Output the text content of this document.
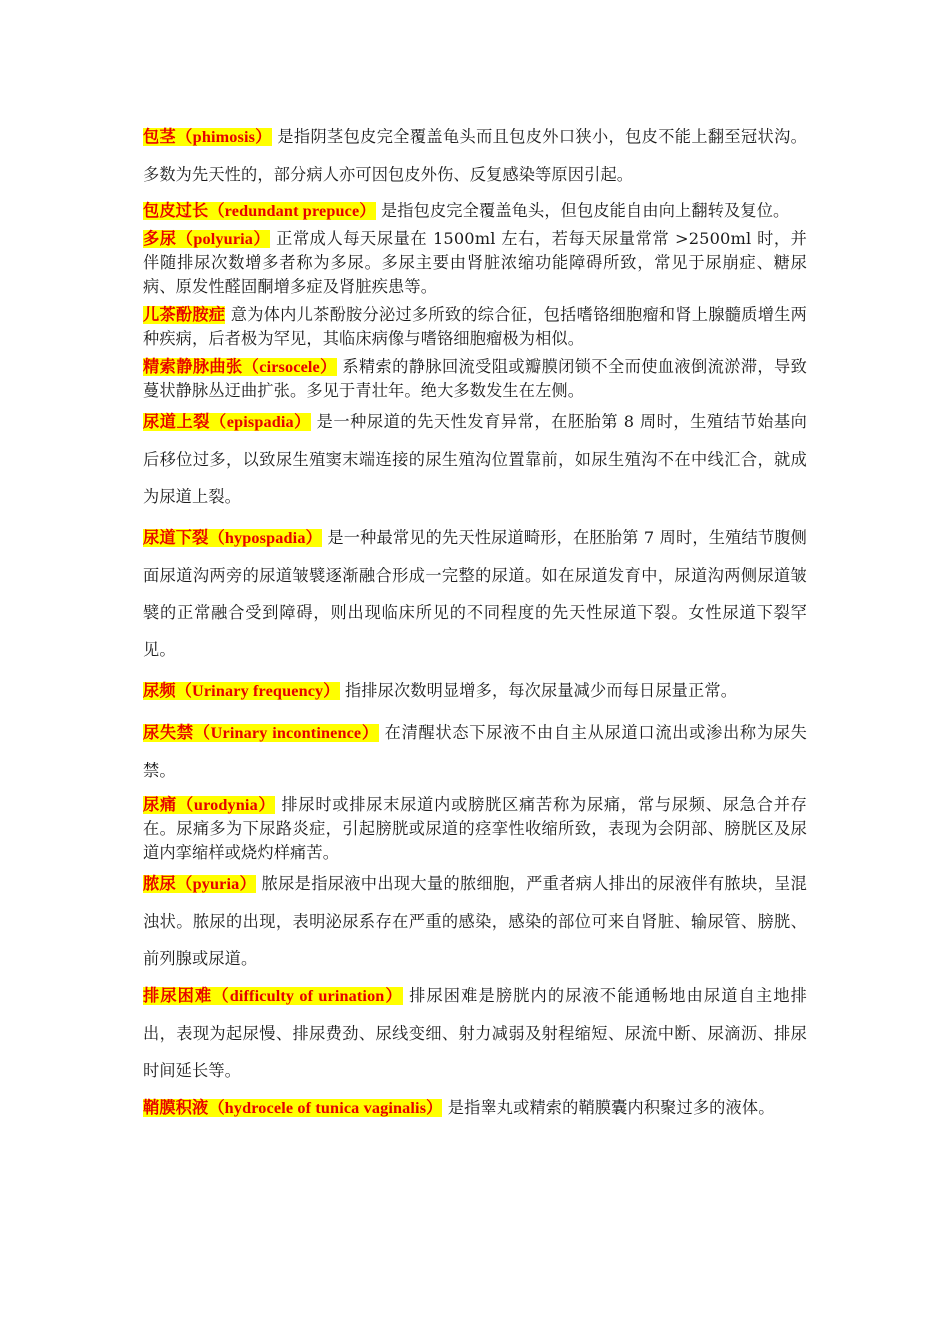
包茎（phimosis） 是指阴茎包皮完全覆盖龟头而且包皮外口狭小，包皮不能上翻至冠状沟。多数为先天性的，部分病人亦可因包皮外伤、反复感染等原因引起。

包皮过长（redundant prepuce） 是指包皮完全覆盖龟头，但包皮能自由向上翻转及复位。

多尿（polyuria） 正常成人每天尿量在 1500ml 左右，若每天尿量常常 >2500ml 时，并伴随排尿次数增多者称为多尿。多尿主要由肾脏浓缩功能障碍所致，常见于尿崩症、糖尿病、原发性醛固酮增多症及肾脏疾患等。

儿茶酚胺症 意为体内儿茶酚胺分泌过多所致的综合征，包括嗜铬细胞瘤和肾上腺髓质增生两种疾病，后者极为罕见，其临床病像与嗜铬细胞瘤极为相似。

精索静脉曲张（cirsocele） 系精索的静脉回流受阻或瓣膜闭锁不全而使血液倒流淤滞，导致蔓状静脉丛迂曲扩张。多见于青壮年。绝大多数发生在左侧。

尿道上裂（epispadia） 是一种尿道的先天性发育异常，在胚胎第 8 周时，生殖结节始基向后移位过多，以致尿生殖窦末端连接的尿生殖沟位置靠前，如尿生殖沟不在中线汇合，就成为尿道上裂。

尿道下裂（hypospadia） 是一种最常见的先天性尿道畸形，在胚胎第 7 周时，生殖结节腹侧面尿道沟两旁的尿道皱襞逐渐融合形成一完整的尿道。如在尿道发育中，尿道沟两侧尿道皱襞的正常融合受到障碍，则出现临床所见的不同程度的先天性尿道下裂。女性尿道下裂罕见。

尿频（Urinary frequency） 指排尿次数明显增多，每次尿量减少而每日尿量正常。

尿失禁（Urinary incontinence） 在清醒状态下尿液不由自主从尿道口流出或渗出称为尿失禁。

尿痛（urodynia） 排尿时或排尿末尿道内或膀胱区痛苦称为尿痛，常与尿频、尿急合并存在。尿痛多为下尿路炎症，引起膀胱或尿道的痉挛性收缩所致，表现为会阴部、膀胱区及尿道内挛缩样或烧灼样痛苦。

脓尿（pyuria） 脓尿是指尿液中出现大量的脓细胞，严重者病人排出的尿液伴有脓块，呈混浊状。脓尿的出现，表明泌尿系存在严重的感染，感染的部位可来自肾脏、输尿管、膀胱、前列腺或尿道。

排尿困难（difficulty of urination） 排尿困难是膀胱内的尿液不能通畅地由尿道自主地排出，表现为起尿慢、排尿费劲、尿线变细、射力减弱及射程缩短、尿流中断、尿滴沥、排尿时间延长等。

鞘膜积液（hydrocele of tunica vaginalis） 是指睾丸或精索的鞘膜囊内积聚过多的液体。
